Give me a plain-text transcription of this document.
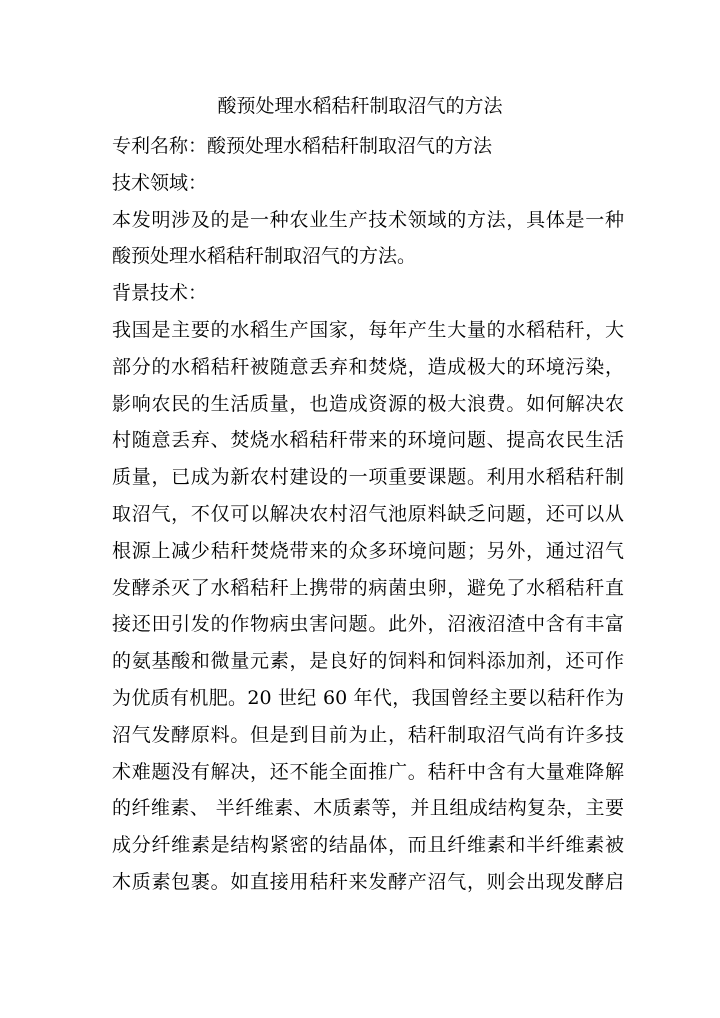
酸预处理水稻秸秆制取沼气的方法
专利名称：酸预处理水稻秸秆制取沼气的方法
技术领域：
本发明涉及的是一种农业生产技术领域的方法，具体是一种
酸预处理水稻秸秆制取沼气的方法。
背景技术：
我国是主要的水稻生产国家，每年产生大量的水稻秸秆，大
部分的水稻秸秆被随意丢弃和焚烧，造成极大的环境污染，
影响农民的生活质量，也造成资源的极大浪费。如何解决农
村随意丢弃、焚烧水稻秸秆带来的环境问题、提高农民生活
质量，已成为新农村建设的一项重要课题。利用水稻秸秆制
取沼气，不仅可以解决农村沼气池原料缺乏问题，还可以从
根源上减少秸秆焚烧带来的众多环境问题；另外，通过沼气
发酵杀灭了水稻秸秆上携带的病菌虫卵，避免了水稻秸秆直
接还田引发的作物病虫害问题。此外，沼液沼渣中含有丰富
的氨基酸和微量元素，是良好的饲料和饲料添加剂，还可作
为优质有机肥。20 世纪 60 年代，我国曾经主要以秸秆作为
沼气发酵原料。但是到目前为止，秸秆制取沼气尚有许多技
术难题没有解决，还不能全面推广。秸秆中含有大量难降解
的纤维素、 半纤维素、木质素等，并且组成结构复杂，主要
成分纤维素是结构紧密的结晶体，而且纤维素和半纤维素被
木质素包裹。如直接用秸秆来发酵产沼气，则会出现发酵启
